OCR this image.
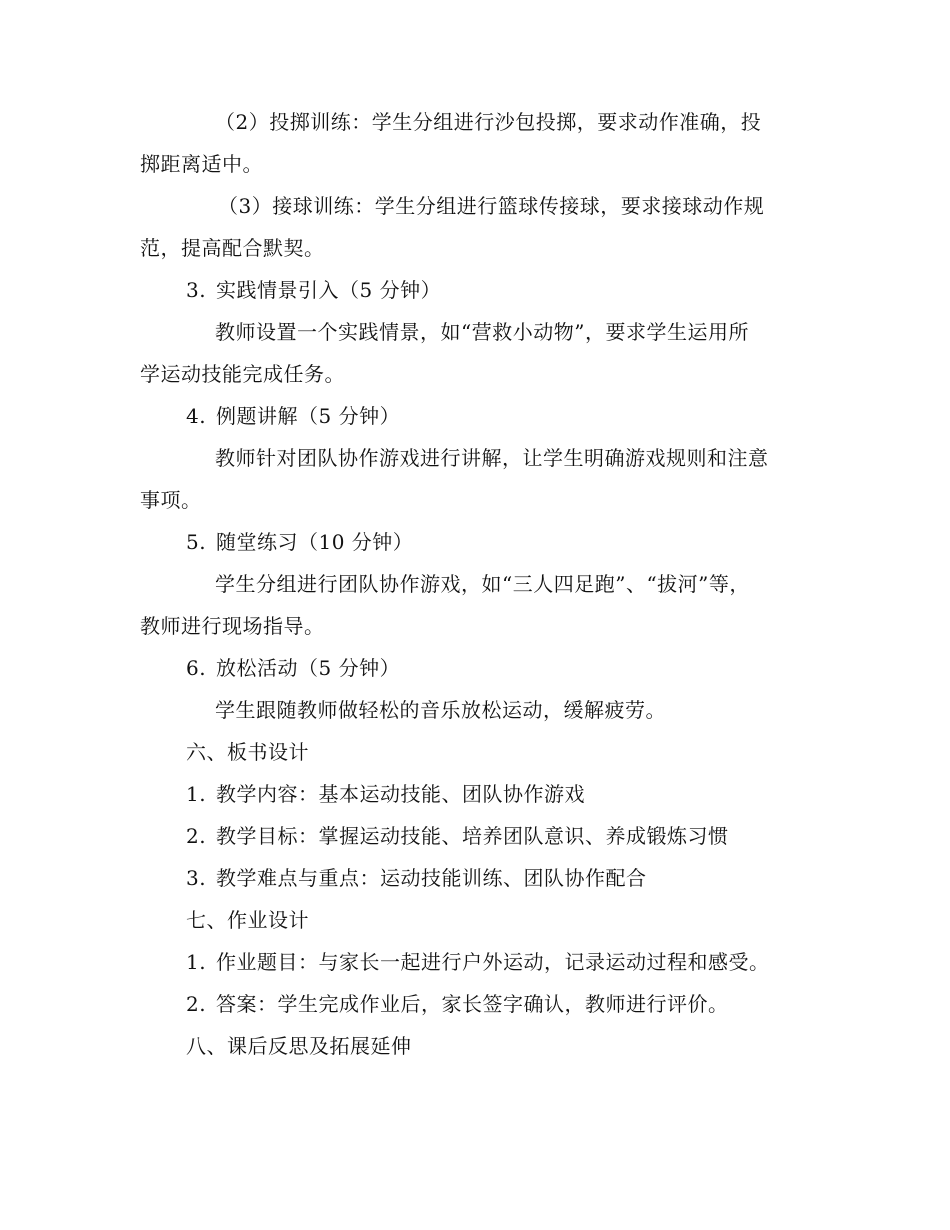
（2）投掷训练：学生分组进行沙包投掷，要求动作准确，投
掷距离适中。
（3）接球训练：学生分组进行篮球传接球，要求接球动作规
范，提高配合默契。
3. 实践情景引入（5 分钟）
教师设置一个实践情景，如“营救小动物”，要求学生运用所
学运动技能完成任务。
4. 例题讲解（5 分钟）
教师针对团队协作游戏进行讲解，让学生明确游戏规则和注意
事项。
5. 随堂练习（10 分钟）
学生分组进行团队协作游戏，如“三人四足跑”、“拔河”等，
教师进行现场指导。
6. 放松活动（5 分钟）
学生跟随教师做轻松的音乐放松运动，缓解疲劳。
六、板书设计
1. 教学内容：基本运动技能、团队协作游戏
2. 教学目标：掌握运动技能、培养团队意识、养成锻炼习惯
3. 教学难点与重点：运动技能训练、团队协作配合
七、作业设计
1. 作业题目：与家长一起进行户外运动，记录运动过程和感受。
2. 答案：学生完成作业后，家长签字确认，教师进行评价。
八、课后反思及拓展延伸
